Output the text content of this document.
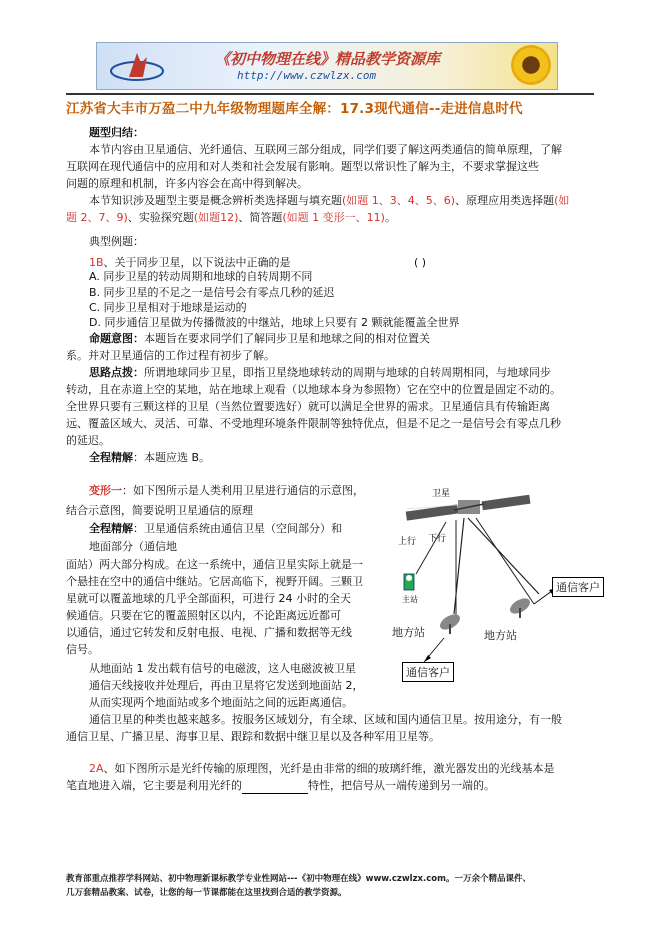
《初中物理在线》精品教学资源库
http://www.czwlzx.com
江苏省大丰市万盈二中九年级物理题库全解：17.3现代通信--走进信息时代
题型归结：
本节内容由卫星通信、光纤通信、互联网三部分组成，同学们要了解这两类通信的简单原理，了解
互联网在现代通信中的应用和对人类和社会发展有影响。题型以常识性了解为主，不要求掌握这些
问题的原理和机制，许多内容会在高中得到解决。
本节知识涉及题型主要是概念辨析类选择题与填充题(如题 1、3、4、5、6)、原理应用类选择题(如
题 2、7、9)、实验探究题(如题12)、简答题(如题 1 变形一、11)。
典型例题：
1B、关于同步卫星，以下说法中正确的是	( )
A. 同步卫星的转动周期和地球的自转周期不同
B. 同步卫星的不足之一是信号会有零点几秒的延迟
C. 同步卫星相对于地球是运动的
D. 同步通信卫星做为传播微波的中继站，地球上只要有 2 颗就能覆盖全世界
命题意图：本题旨在要求同学们了解同步卫星和地球之间的相对位置关
系。并对卫星通信的工作过程有初步了解。
思路点拨：所谓地球同步卫星，即指卫星绕地球转动的周期与地球的自转周期相同，与地球同步
转动，且在赤道上空的某地，站在地球上观看（以地球本身为参照物）它在空中的位置是固定不动的。
全世界只要有三颗这样的卫星（当然位置要选好）就可以满足全世界的需求。卫星通信具有传输距离
远、覆盖区域大、灵活、可靠、不受地理环境条件限制等独特优点，但是不足之一是信号会有零点几秒
的延迟。
全程精解：本题应选 B。
变形一：如下图所示是人类利用卫星进行通信的示意图，
结合示意图，简要说明卫星通信的原理
全程精解：卫星通信系统由通信卫星（空间部分）和
地面部分（通信地
面站）两大部分构成。在这一系统中，通信卫星实际上就是一
个悬挂在空中的通信中继站。它居高临下，视野开阔。三颗卫
星就可以覆盖地球的几乎全部面积，可进行 24 小时的全天
候通信。只要在它的覆盖照射区以内，不论距离远近都可
以通信，通过它转发和反射电报、电视、广播和数据等无线
信号。
从地面站 1 发出载有信号的电磁波，这人电磁波被卫星
通信天线接收并处理后，再由卫星将它发送到地面站 2，
从而实现两个地面站或多个地面站之间的远距离通信。
通信卫星的种类也越来越多。按服务区域划分，有全球、区域和国内通信卫星。按用途分，有一般
通信卫星、广播卫星、海事卫星、跟踪和数据中继卫星以及各种军用卫星等。
卫星
上行 下行
主站
地方站	地方站
通信客户
通信客户
2A、如下图所示是光纤传输的原理图，光纤是由非常的细的玻璃纤维，激光器发出的光线基本是
笔直地进入端，它主要是利用光纤的	特性，把信号从一端传递到另一端的。
教育部重点推荐学科网站、初中物理新课标教学专业性网站---《初中物理在线》www.czwlzx.com。一万余个精品课件、
几万套精品教案、试卷，让您的每一节课都能在这里找到合适的教学资源。
